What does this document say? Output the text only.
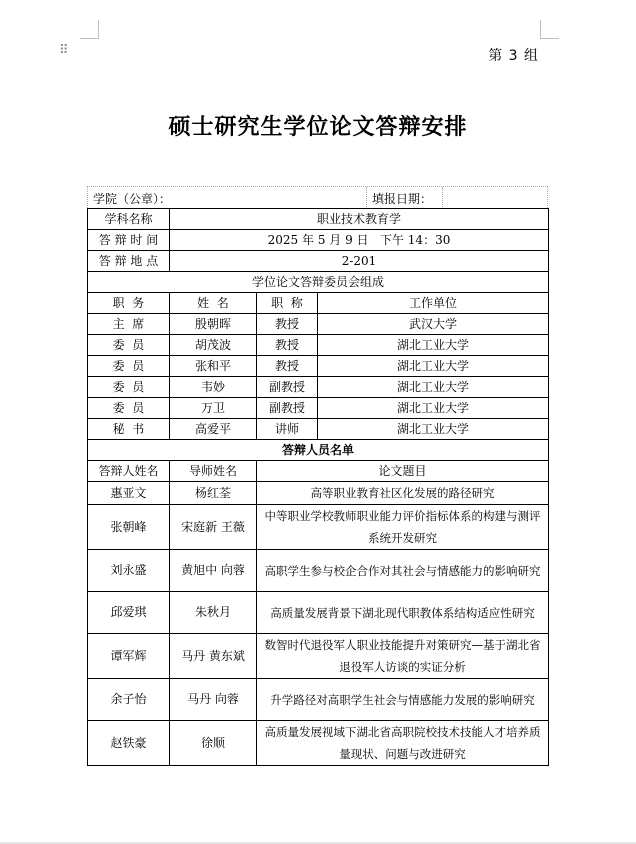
⠿	第 3 组
硕士研究生学位论文答辩安排
学院（公章）：	填报日期：
学科名称	职业技术教育学		
答 辩 时 间	2025 年 5 月 9 日   下午 14：30		
答 辩 地 点	2-201		
学位论文答辩委员会组成			
职  务	姓  名	职  称	工作单位
主  席	殷朝晖	教授	武汉大学
委  员	胡茂波	教授	湖北工业大学
委  员	张和平	教授	湖北工业大学
委  员	韦妙	副教授	湖北工业大学
委  员	万卫	副教授	湖北工业大学
秘  书	高爱平	讲师	湖北工业大学
答辩人员名单			
答辩人姓名	导师姓名	论文题目	
惠亚文	杨红荃	高等职业教育社区化发展的路径研究	
张朝峰	宋庭新 王薇	中等职业学校教师职业能力评价指标体系的构建与测评系统开发研究	
刘永盛	黄旭中 向蓉	高职学生参与校企合作对其社会与情感能力的影响研究	
邱爱琪	朱秋月	高质量发展背景下湖北现代职教体系结构适应性研究	
谭军辉	马丹 黄东斌	数智时代退役军人职业技能提升对策研究—基于湖北省退役军人访谈的实证分析	
余子怡	马丹 向蓉	升学路径对高职学生社会与情感能力发展的影响研究	
赵铁豪	徐顺	高质量发展视域下湖北省高职院校技术技能人才培养质量现状、问题与改进研究	
